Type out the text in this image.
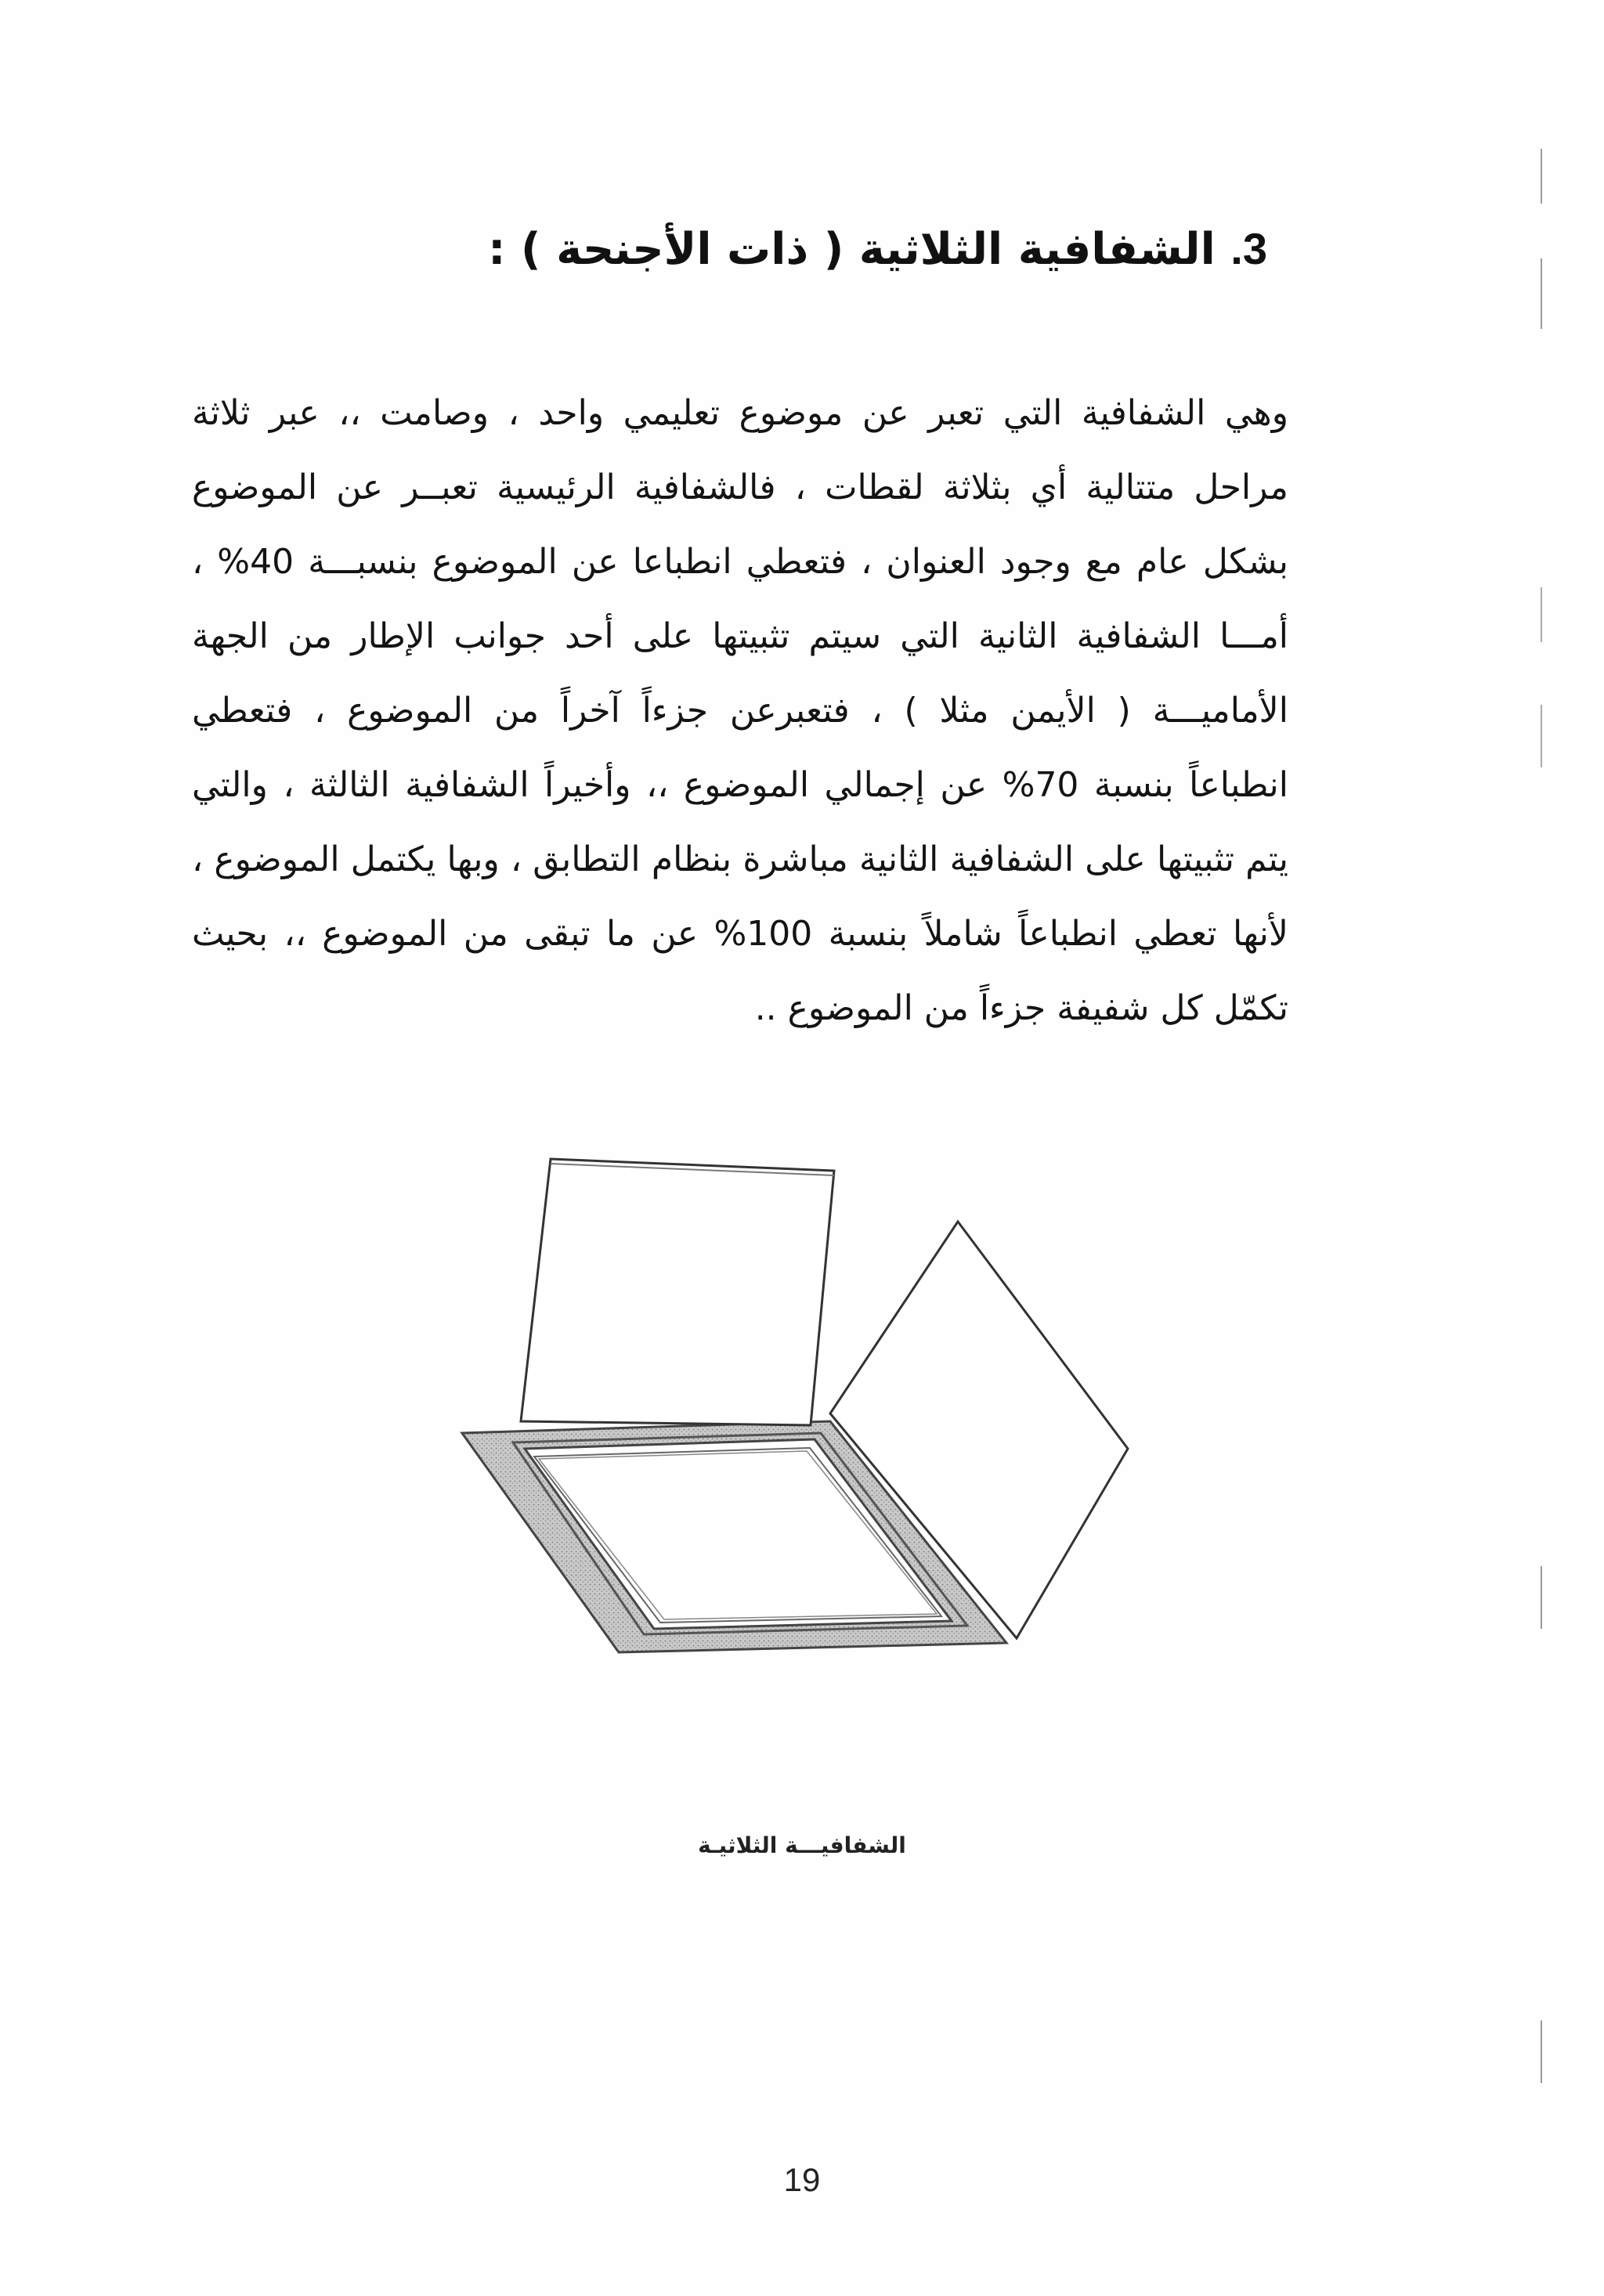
3. الشفافية الثلاثية ( ذات الأجنحة ) :
وهي الشفافية التي تعبر عن موضوع تعليمي واحد ، وصامت ،، عبر ثلاثة
مراحل متتالية أي بثلاثة لقطات ، فالشفافية الرئيسية تعبــر عن الموضوع
بشكل عام مع وجود العنوان ، فتعطي انطباعا عن الموضوع بنسبـــة 40% ،
أمـــا الشفافية الثانية التي سيتم تثبيتها على أحد جوانب الإطار من الجهة
الأماميـــة ( الأيمن مثلا ) ، فتعبرعن جزءاً آخراً من الموضوع ، فتعطي
انطباعاً بنسبة 70% عن إجمالي الموضوع ،، وأخيراً الشفافية الثالثة ، والتي
يتم تثبيتها على الشفافية الثانية مباشرة بنظام التطابق ، وبها يكتمل الموضوع ،
لأنها تعطي انطباعاً شاملاً بنسبة 100% عن ما تبقى من الموضوع ،، بحيث
تكمّل كل شفيفة جزءاً من الموضوع ..
الشفافيـــة الثلاثيـة
19
